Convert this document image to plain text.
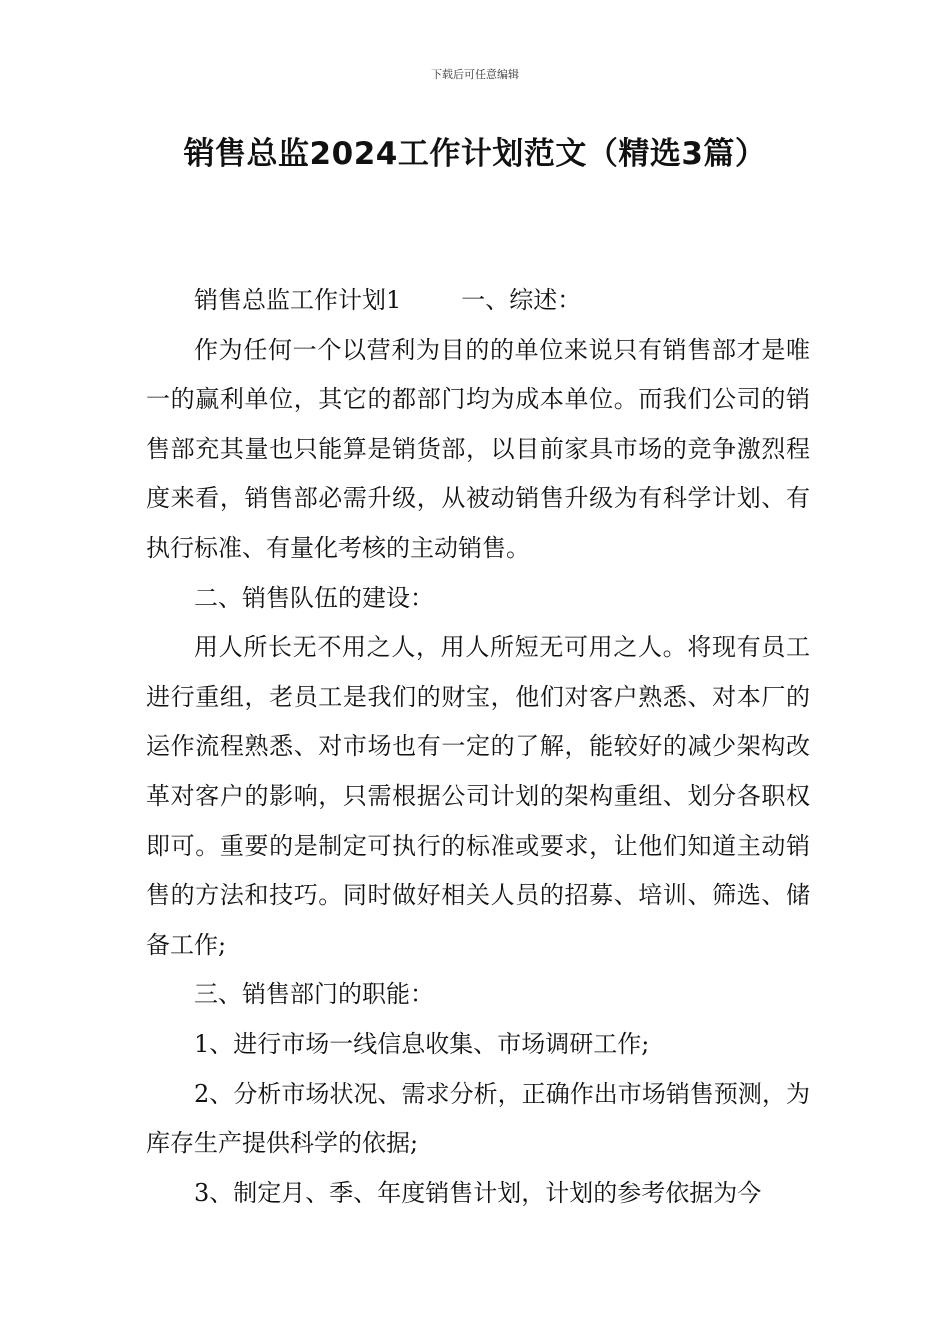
下载后可任意编辑
销售总监2024工作计划范文（精选3篇）

销售总监工作计划1	一、综述：

作为任何一个以营利为目的的单位来说只有销售部才是唯一的赢利单位，其它的都部门均为成本单位。而我们公司的销售部充其量也只能算是销货部，以目前家具市场的竞争激烈程度来看，销售部必需升级，从被动销售升级为有科学计划、有执行标准、有量化考核的主动销售。

二、销售队伍的建设：

用人所长无不用之人，用人所短无可用之人。将现有员工进行重组，老员工是我们的财宝，他们对客户熟悉、对本厂的运作流程熟悉、对市场也有一定的了解，能较好的减少架构改革对客户的影响，只需根据公司计划的架构重组、划分各职权即可。重要的是制定可执行的标准或要求，让他们知道主动销售的方法和技巧。同时做好相关人员的招募、培训、筛选、储备工作;

三、销售部门的职能：

1、进行市场一线信息收集、市场调研工作;

2、分析市场状况、需求分析，正确作出市场销售预测，为库存生产提供科学的依据;

3、制定月、季、年度销售计划，计划的参考依据为今
